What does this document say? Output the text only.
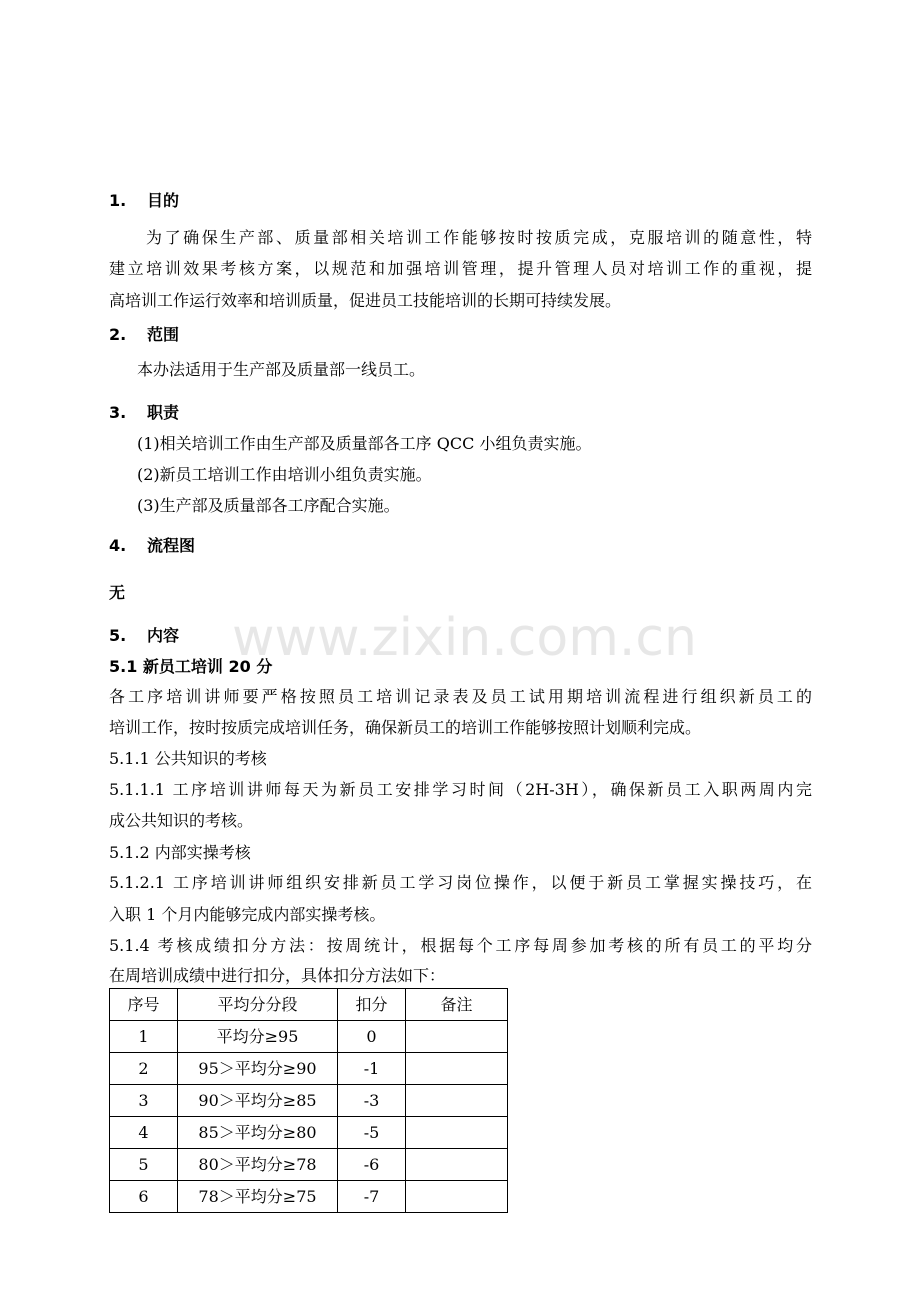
1. 目的
为了确保生产部、质量部相关培训工作能够按时按质完成，克服培训的随意性，特
建立培训效果考核方案，以规范和加强培训管理，提升管理人员对培训工作的重视，提
高培训工作运行效率和培训质量，促进员工技能培训的长期可持续发展。
2. 范围
本办法适用于生产部及质量部一线员工。
3. 职责
(1)相关培训工作由生产部及质量部各工序 QCC 小组负责实施。
(2)新员工培训工作由培训小组负责实施。
(3)生产部及质量部各工序配合实施。
4. 流程图
无
www.zixin.com.cn
5. 内容
5.1 新员工培训 20 分
各工序培训讲师要严格按照员工培训记录表及员工试用期培训流程进行组织新员工的
培训工作，按时按质完成培训任务，确保新员工的培训工作能够按照计划顺利完成。
5.1.1 公共知识的考核
5.1.1.1 工序培训讲师每天为新员工安排学习时间（2H-3H），确保新员工入职两周内完
成公共知识的考核。
5.1.2 内部实操考核
5.1.2.1 工序培训讲师组织安排新员工学习岗位操作，以便于新员工掌握实操技巧，在
入职 1 个月内能够完成内部实操考核。
5.1.4 考核成绩扣分方法：按周统计，根据每个工序每周参加考核的所有员工的平均分
在周培训成绩中进行扣分，具体扣分方法如下：
序号	平均分分段	扣分	备注
1	平均分≥95	0	
2	95＞平均分≥90	-1	
3	90＞平均分≥85	-3	
4	85＞平均分≥80	-5	
5	80＞平均分≥78	-6	
6	78＞平均分≥75	-7	
